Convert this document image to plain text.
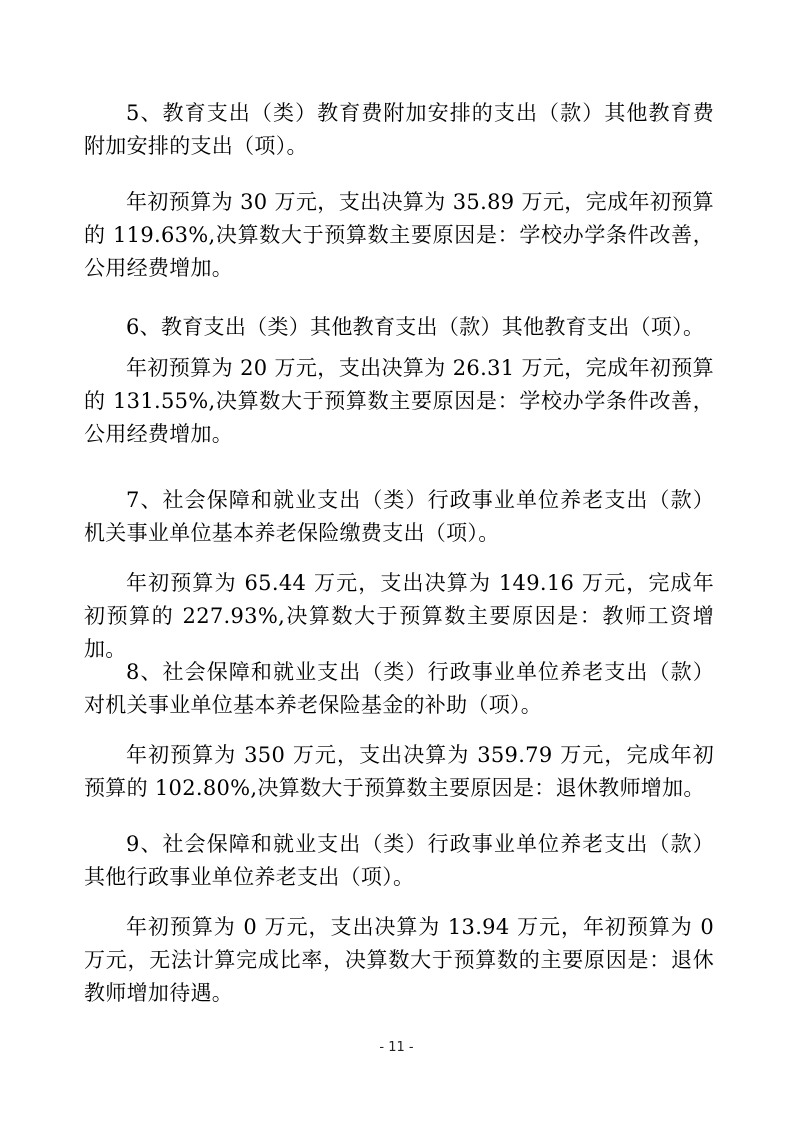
5、教育支出（类）教育费附加安排的支出（款）其他教育费附加安排的支出（项）。

年初预算为 30 万元，支出决算为 35.89 万元，完成年初预算的 119.63%,决算数大于预算数主要原因是：学校办学条件改善，公用经费增加。

6、教育支出（类）其他教育支出（款）其他教育支出（项）。

年初预算为 20 万元，支出决算为 26.31 万元，完成年初预算的 131.55%,决算数大于预算数主要原因是：学校办学条件改善，公用经费增加。

7、社会保障和就业支出（类）行政事业单位养老支出（款）机关事业单位基本养老保险缴费支出（项）。

年初预算为 65.44 万元，支出决算为 149.16 万元，完成年初预算的 227.93%,决算数大于预算数主要原因是：教师工资增加。

8、社会保障和就业支出（类）行政事业单位养老支出（款）对机关事业单位基本养老保险基金的补助（项）。

年初预算为 350 万元，支出决算为 359.79 万元，完成年初预算的 102.80%,决算数大于预算数主要原因是：退休教师增加。

9、社会保障和就业支出（类）行政事业单位养老支出（款）其他行政事业单位养老支出（项）。

年初预算为 0 万元，支出决算为 13.94 万元，年初预算为 0 万元，无法计算完成比率，决算数大于预算数的主要原因是：退休教师增加待遇。

- 11 -
